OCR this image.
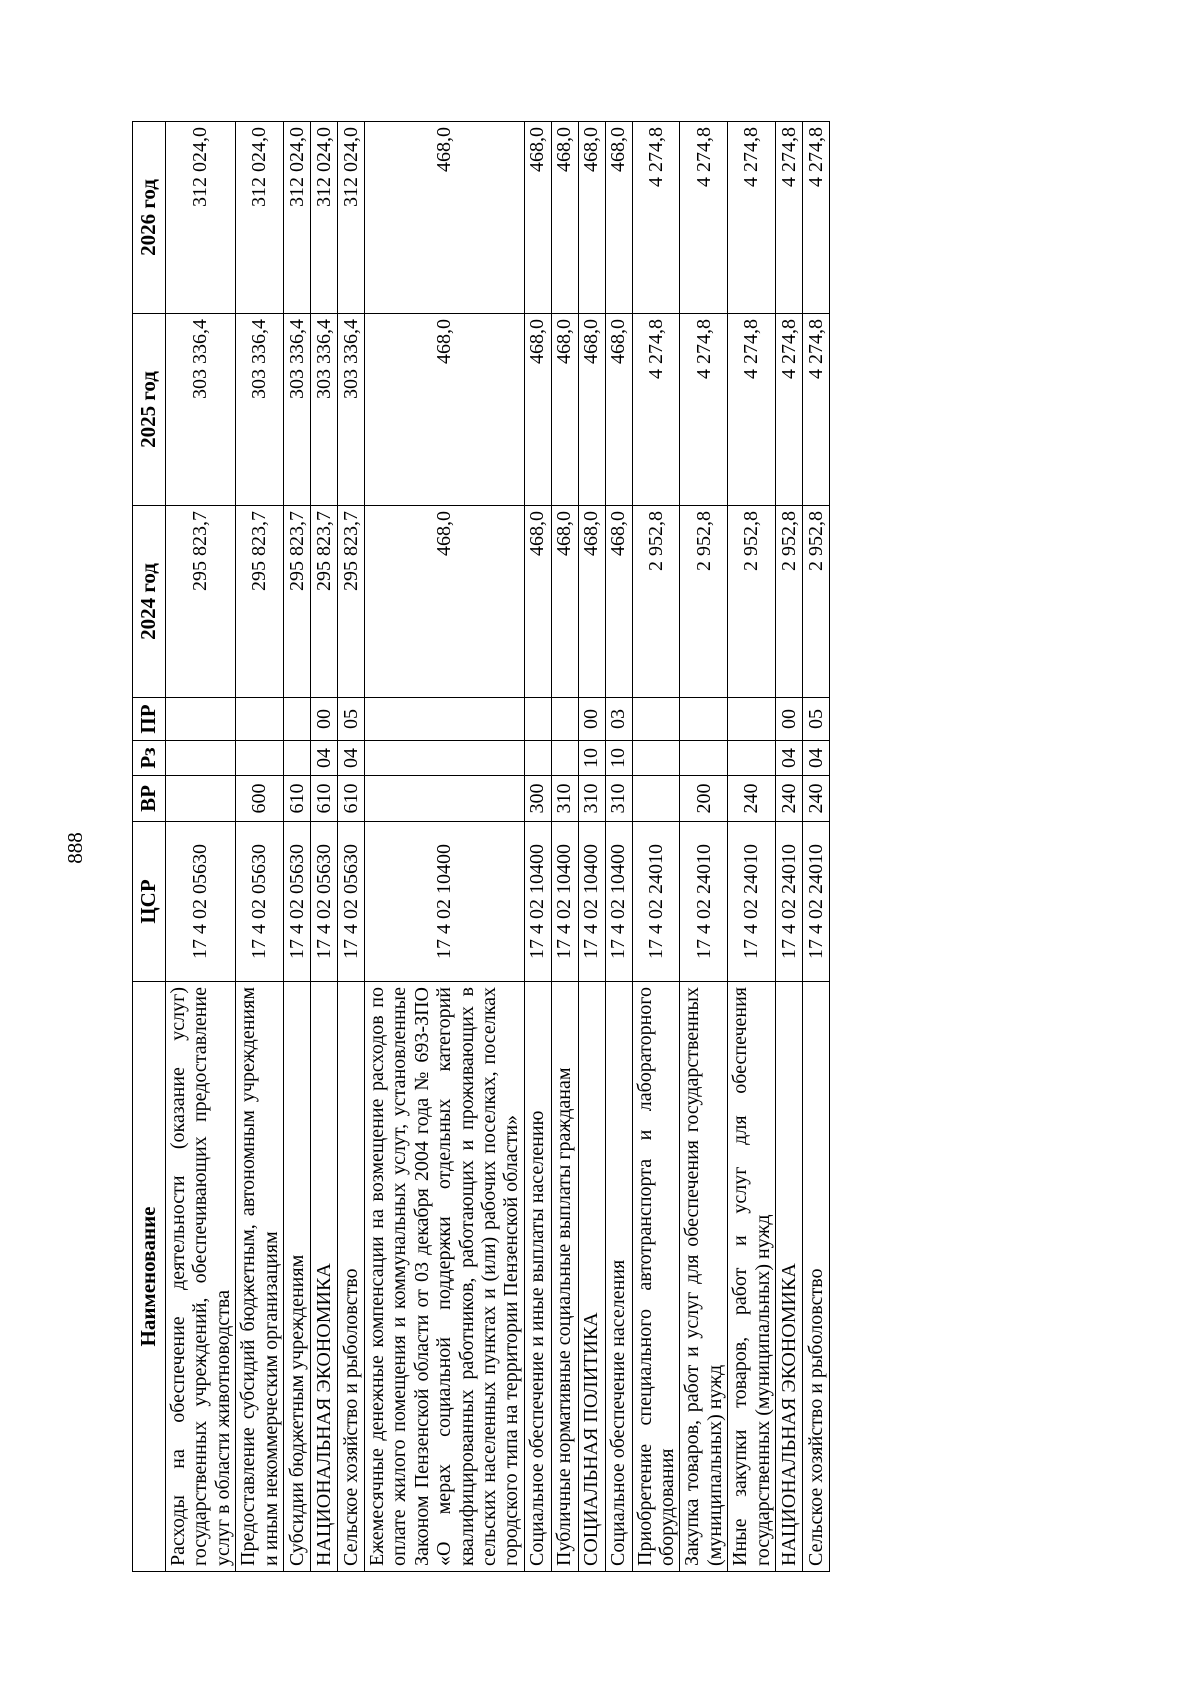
888
Наименование	ЦСР	ВР	Рз	ПР	2024 год	2025 год	2026 год
Расходы на обеспечение деятельности (оказание услуг) государственных учреждений, обеспечивающих предоставление услуг в области животноводства	17 4 02 05630				295 823,7	303 336,4	312 024,0
Предоставление субсидий бюджетным, автономным учреждениям и иным некоммерческим организациям	17 4 02 05630	600			295 823,7	303 336,4	312 024,0
Субсидии бюджетным учреждениям	17 4 02 05630	610			295 823,7	303 336,4	312 024,0
НАЦИОНАЛЬНАЯ ЭКОНОМИКА	17 4 02 05630	610	04	00	295 823,7	303 336,4	312 024,0
Сельское хозяйство и рыболовство	17 4 02 05630	610	04	05	295 823,7	303 336,4	312 024,0
Ежемесячные денежные компенсации на возмещение расходов по оплате жилого помещения и коммунальных услут, установленные Законом Пензенской области от 03 декабря 2004 года № 693-ЗПО «О мерах социальной поддержки отдельных категорий квалифицированных работников, работающих и проживающих в сельских населенных пунктах и (или) рабочих поселках, поселках городского типа на территории Пензенской области»	17 4 02 10400				468,0	468,0	468,0
Социальное обеспечение и иные выплаты населению	17 4 02 10400	300			468,0	468,0	468,0
Публичные нормативные социальные выплаты гражданам	17 4 02 10400	310			468,0	468,0	468,0
СОЦИАЛЬНАЯ ПОЛИТИКА	17 4 02 10400	310	10	00	468,0	468,0	468,0
Социальное обеспечение населения	17 4 02 10400	310	10	03	468,0	468,0	468,0
Приобретение специального автотранспорта и лабораторного оборудования	17 4 02 24010				2 952,8	4 274,8	4 274,8
Закупка товаров, работ и услуг для обеспечения государственных (муниципальных) нужд	17 4 02 24010	200			2 952,8	4 274,8	4 274,8
Иные закупки товаров, работ и услуг для обеспечения государственных (муниципальных) нужд	17 4 02 24010	240			2 952,8	4 274,8	4 274,8
НАЦИОНАЛЬНАЯ ЭКОНОМИКА	17 4 02 24010	240	04	00	2 952,8	4 274,8	4 274,8
Сельское хозяйство и рыболовство	17 4 02 24010	240	04	05	2 952,8	4 274,8	4 274,8
